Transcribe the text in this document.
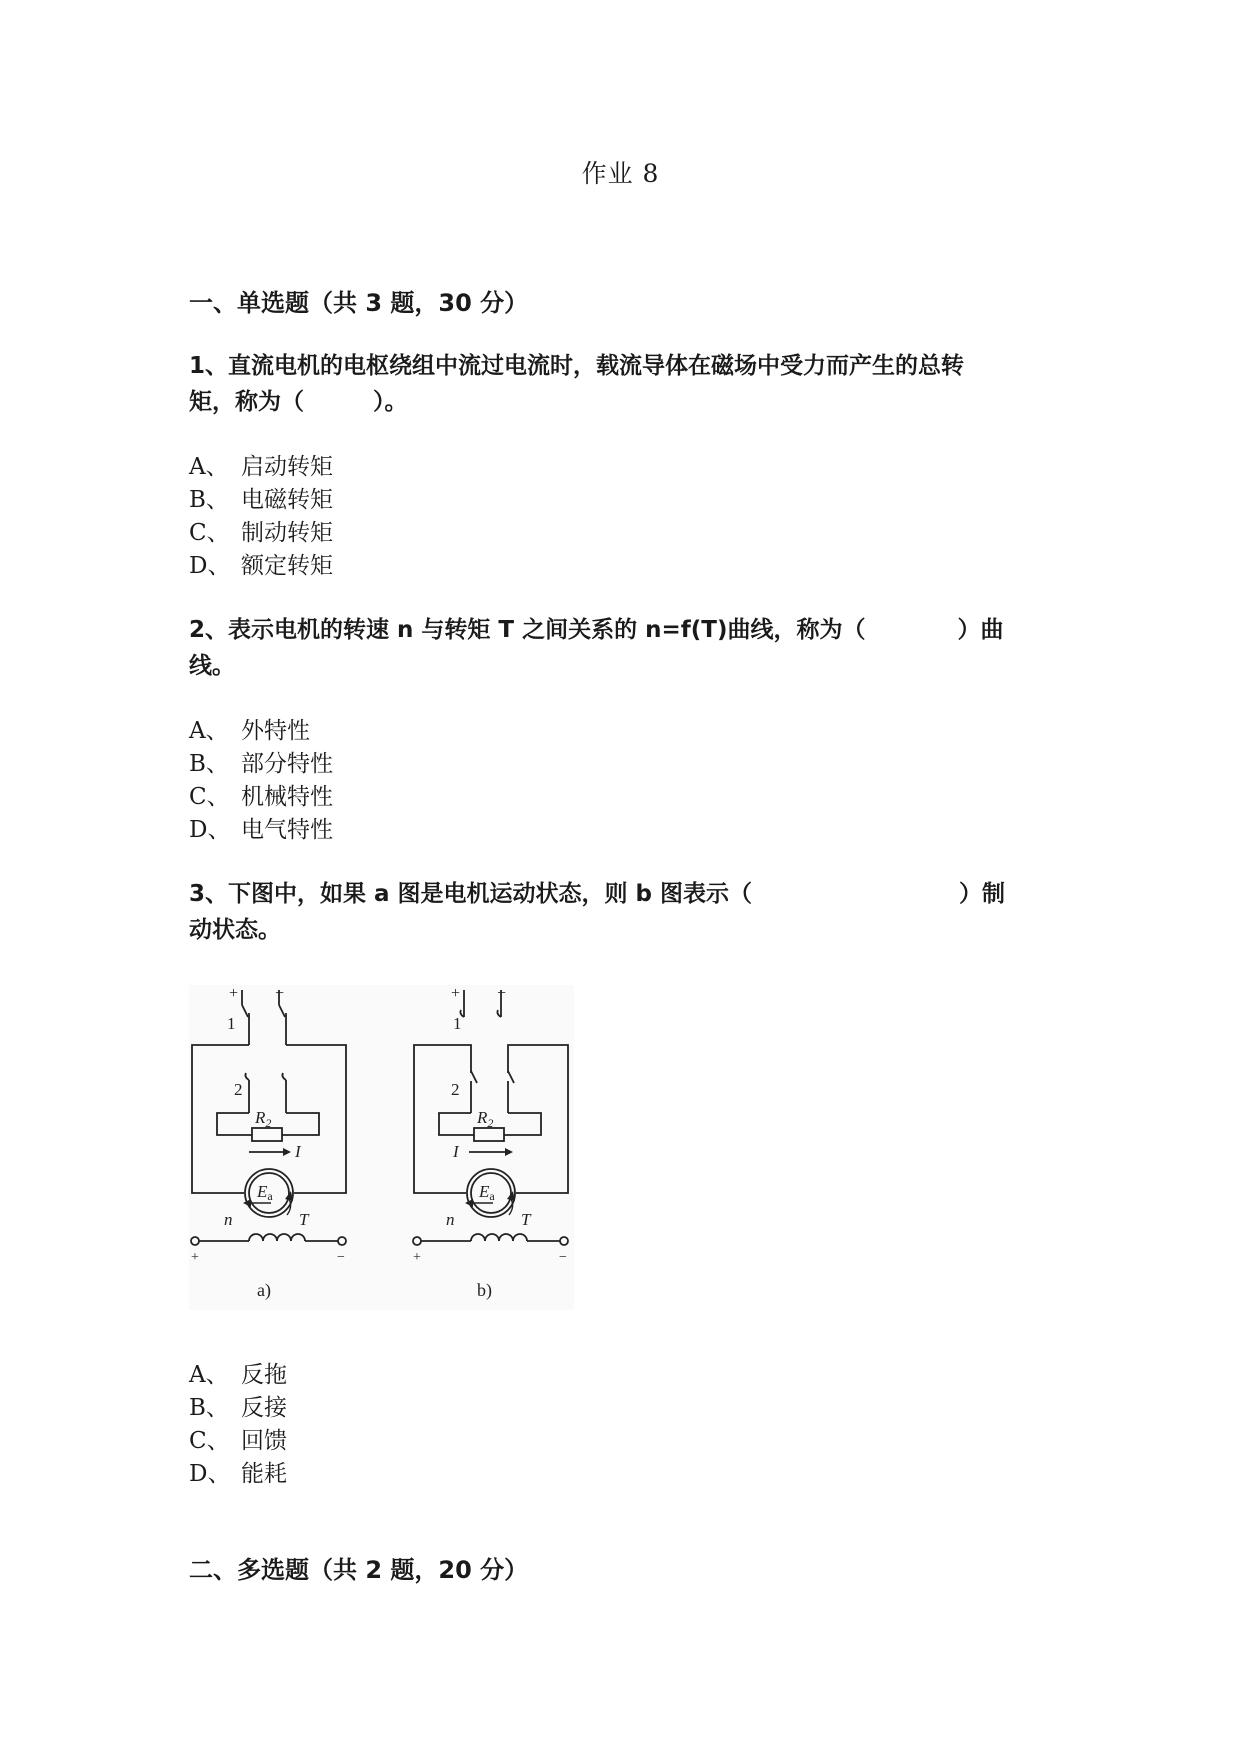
作业 8
一、单选题（共 3 题，30 分）
1、直流电机的电枢绕组中流过电流时，载流导体在磁场中受力而产生的总转
矩，称为（　　　）。
A、 启动转矩
B、 电磁转矩
C、 制动转矩
D、 额定转矩
2、表示电机的转速 n 与转矩 T 之间关系的 n=f(T)曲线，称为（　　　　）曲
线。
A、 外特性
B、 部分特性
C、 机械特性
D、 电气特性
3、下图中，如果 a 图是电机运动状态，则 b 图表示（　　　　　　　　　）制
动状态。
+ −
1
2
$R_2$
I
Ea
n	T
+	−
a)
+ −
1
2
$R_2$
I
Ea
n	T
+	−
b)
A、 反拖
B、 反接
C、 回馈
D、 能耗
二、多选题（共 2 题，20 分）
